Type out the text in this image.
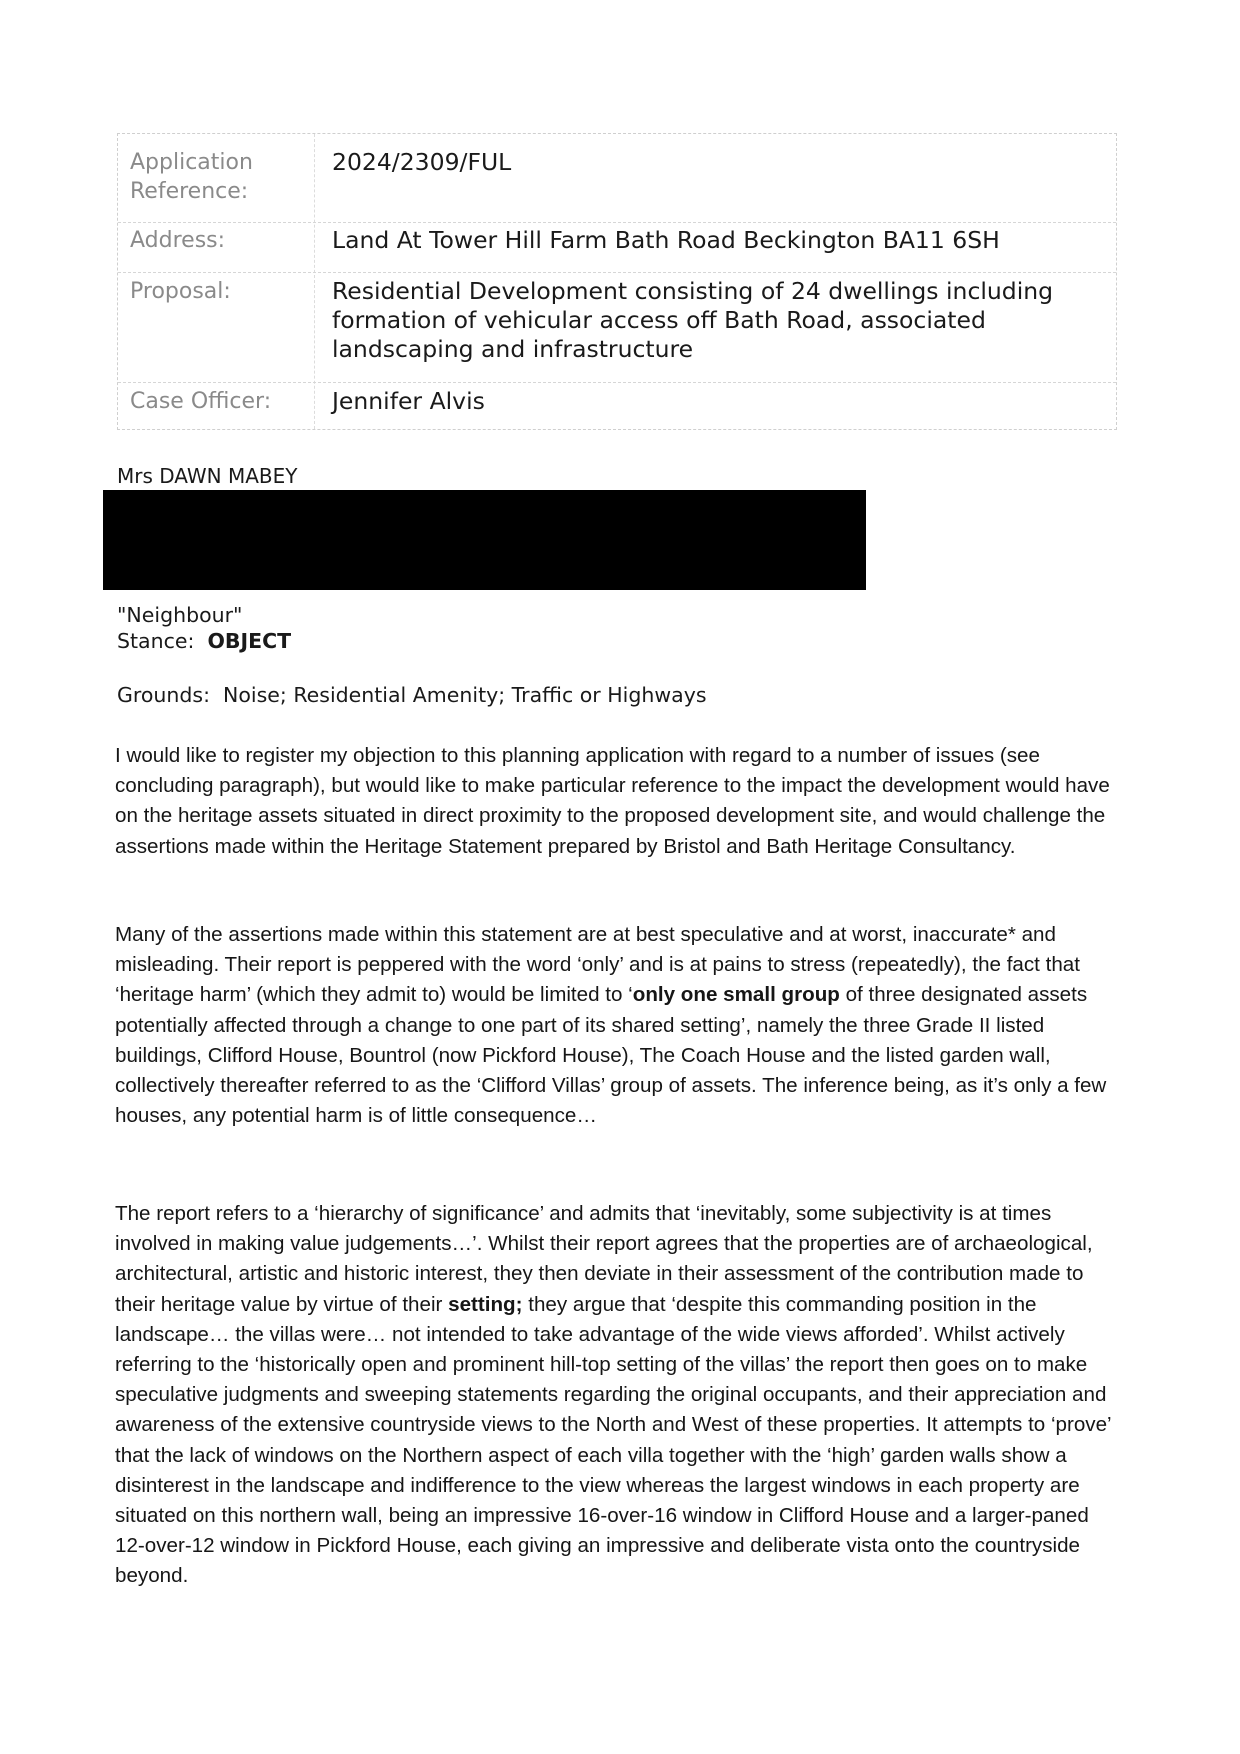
Application Reference:
2024/2309/FUL
Address:	Land At Tower Hill Farm Bath Road Beckington BA11 6SH
Proposal:	Residential Development consisting of 24 dwellings including formation of vehicular access off Bath Road, associated landscaping and infrastructure
Case Officer:	Jennifer Alvis
Mrs DAWN MABEY
"Neighbour"
Stance: OBJECT
Grounds: Noise; Residential Amenity; Traffic or Highways

I would like to register my objection to this planning application with regard to a number of issues (see concluding paragraph), but would like to make particular reference to the impact the development would have on the heritage assets situated in direct proximity to the proposed development site, and would challenge the assertions made within the Heritage Statement prepared by Bristol and Bath Heritage Consultancy.

Many of the assertions made within this statement are at best speculative and at worst, inaccurate* and misleading. Their report is peppered with the word ‘only’ and is at pains to stress (repeatedly), the fact that ‘heritage harm’ (which they admit to) would be limited to ‘only one small group of three designated assets potentially affected through a change to one part of its shared setting’, namely the three Grade II listed buildings, Clifford House, Bountrol (now Pickford House), The Coach House and the listed garden wall, collectively thereafter referred to as the ‘Clifford Villas’ group of assets. The inference being, as it’s only a few houses, any potential harm is of little consequence…

The report refers to a ‘hierarchy of significance’ and admits that ‘inevitably, some subjectivity is at times involved in making value judgements…’. Whilst their report agrees that the properties are of archaeological, architectural, artistic and historic interest, they then deviate in their assessment of the contribution made to their heritage value by virtue of their setting; they argue that ‘despite this commanding position in the landscape… the villas were… not intended to take advantage of the wide views afforded’. Whilst actively referring to the ‘historically open and prominent hill-top setting of the villas’ the report then goes on to make speculative judgments and sweeping statements regarding the original occupants, and their appreciation and awareness of the extensive countryside views to the North and West of these properties. It attempts to ‘prove’ that the lack of windows on the Northern aspect of each villa together with the ‘high’ garden walls show a disinterest in the landscape and indifference to the view whereas the largest windows in each property are situated on this northern wall, being an impressive 16-over-16 window in Clifford House and a larger-paned 12-over-12 window in Pickford House, each giving an impressive and deliberate vista onto the countryside beyond.
